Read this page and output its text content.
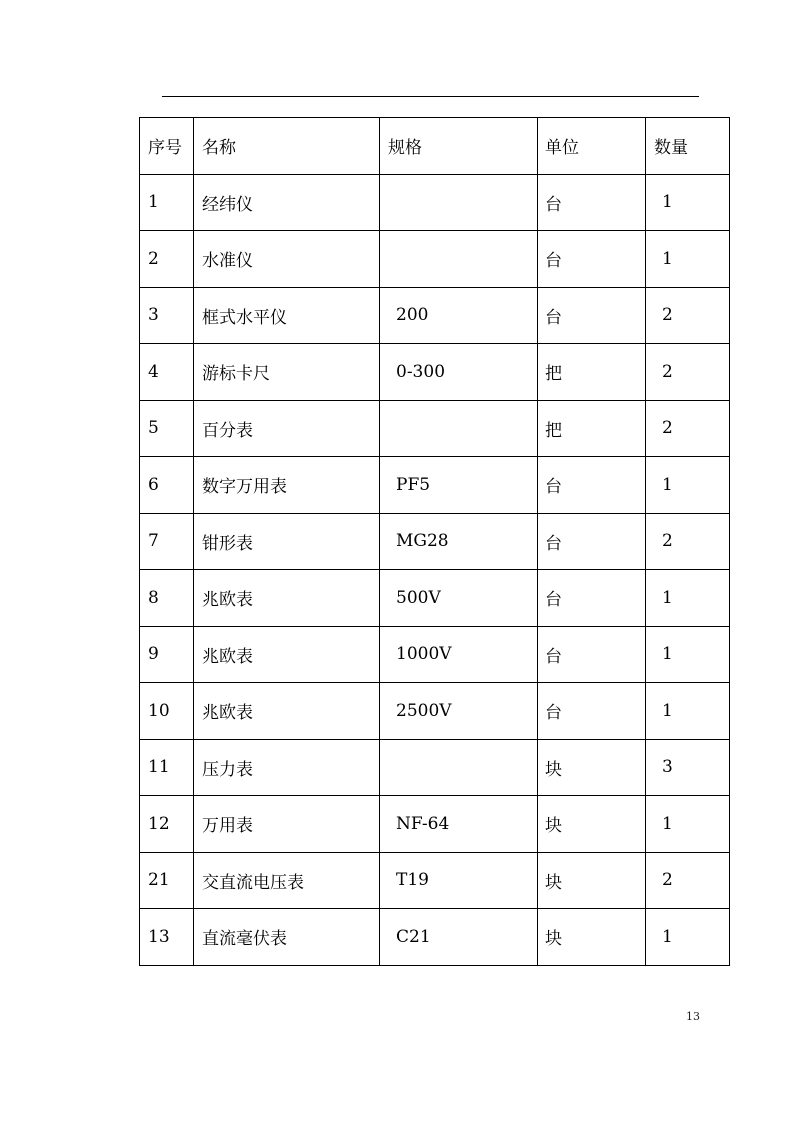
序号	名称	规格	单位	数量
1	经纬仪		台	1
2	水准仪		台	1
3	框式水平仪	200	台	2
4	游标卡尺	0-300	把	2
5	百分表		把	2
6	数字万用表	PF5	台	1
7	钳形表	MG28	台	2
8	兆欧表	500V	台	1
9	兆欧表	1000V	台	1
10	兆欧表	2500V	台	1
11	压力表		块	3
12	万用表	NF-64	块	1
21	交直流电压表	T19	块	2
13	直流毫伏表	C21	块	1
13
